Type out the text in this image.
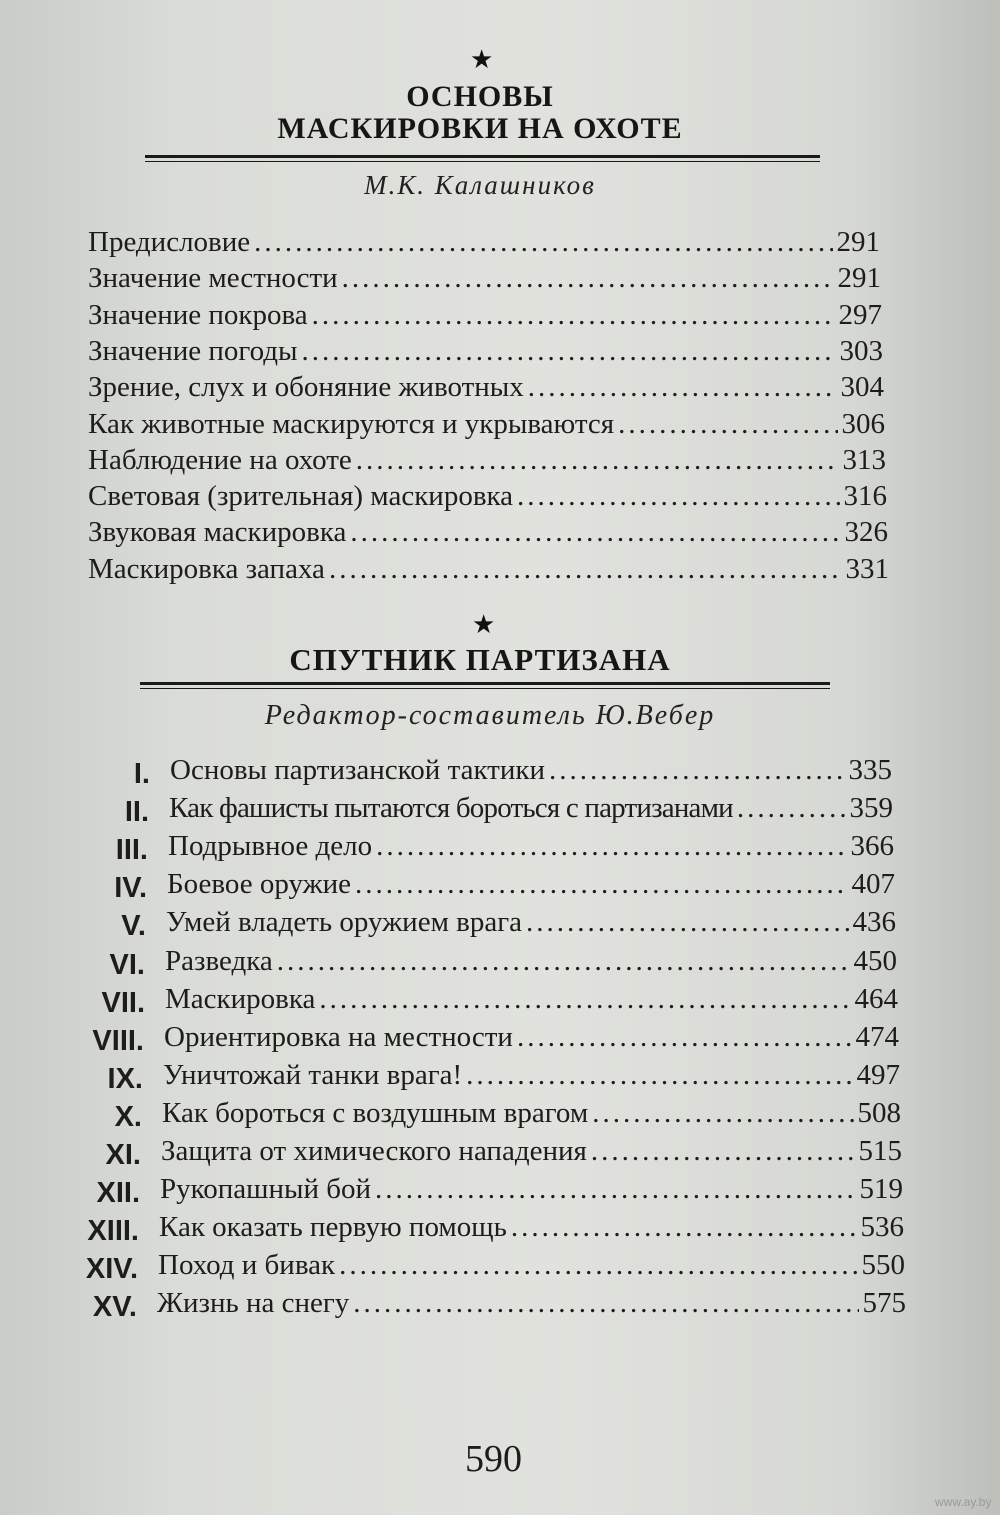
★
ОСНОВЫ
МАСКИРОВКИ НА ОХОТЕ
М.К. Калашников
Предисловие .....	291
Значение местности .....	291
Значение покрова .....	297
Значение погоды .....	303
Зрение, слух и обоняние животных .....	304
Как животные маскируются и укрываются .....	306
Наблюдение на охоте .....	313
Световая (зрительная) маскировка .....	316
Звуковая маскировка .....	326
Маскировка запаха .....	331
★
СПУТНИК ПАРТИЗАНА
Редактор-составитель Ю.Вебер
I. Основы партизанской тактики .....	335
II. Как фашисты пытаются бороться с партизанами .....	359
III. Подрывное дело .....	366
IV. Боевое оружие .....	407
V. Умей владеть оружием врага .....	436
VI. Разведка .....	450
VII. Маскировка .....	464
VIII. Ориентировка на местности .....	474
IX. Уничтожай танки врага! .....	497
X. Как бороться с воздушным врагом .....	508
XI. Защита от химического нападения .....	515
XII. Рукопашный бой .....	519
XIII. Как оказать первую помощь .....	536
XIV. Поход и бивак .....	550
XV. Жизнь на снегу .....	575
590
www.ay.by
